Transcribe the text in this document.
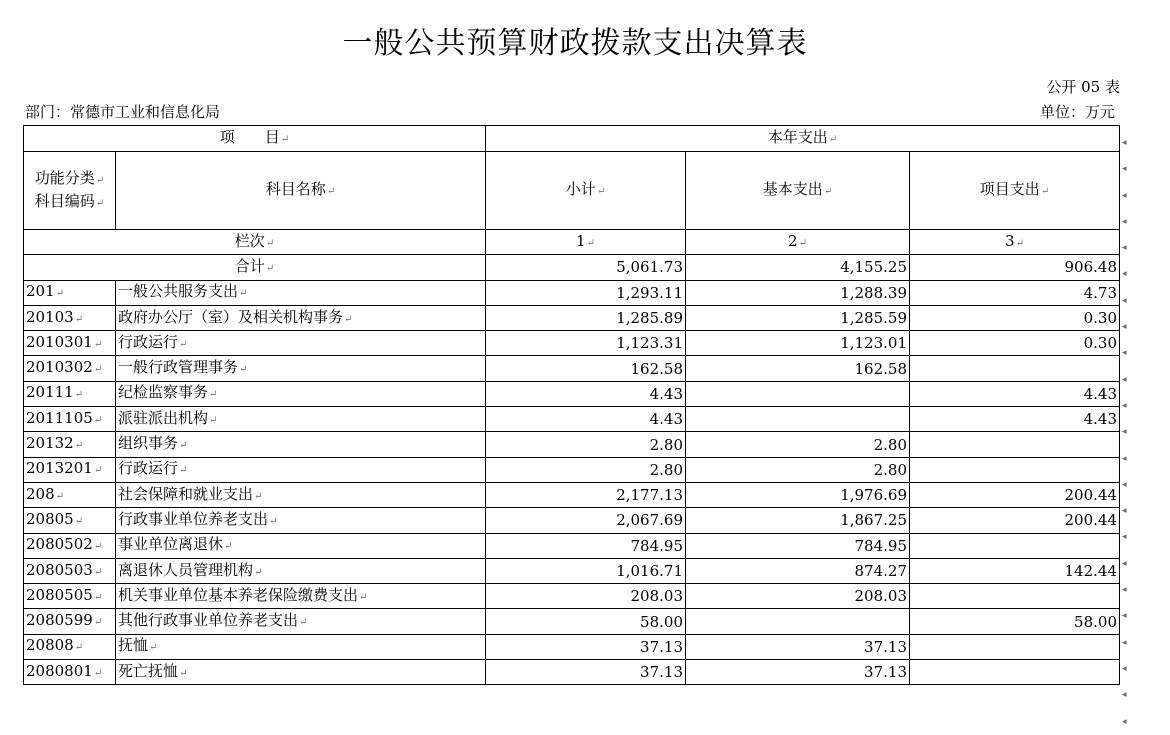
一般公共预算财政拨款支出决算表
公开 05 表
部门：常德市工业和信息化局	单位：万元
项　　目↵		本年支出↵		

功能分类↵
科目编码↵	科目名称↵	小计↵	基本支出↵	项目支出↵
栏次↵		1↵	2↵	3↵
合计↵		5,061.73	4,155.25	906.48
201↵	一般公共服务支出↵	1,293.11	1,288.39	4.73
20103↵	政府办公厅（室）及相关机构事务↵	1,285.89	1,285.59	0.30
2010301↵	行政运行↵	1,123.31	1,123.01	0.30
2010302↵	一般行政管理事务↵	162.58	162.58	
20111↵	纪检监察事务↵	4.43		4.43
2011105↵	派驻派出机构↵	4.43		4.43
20132↵	组织事务↵	2.80	2.80	
2013201↵	行政运行↵	2.80	2.80	
208↵	社会保障和就业支出↵	2,177.13	1,976.69	200.44
20805↵	行政事业单位养老支出↵	2,067.69	1,867.25	200.44
2080502↵	事业单位离退休↵	784.95	784.95	
2080503↵	离退休人员管理机构↵	1,016.71	874.27	142.44
2080505↵	机关事业单位基本养老保险缴费支出↵	208.03	208.03	
2080599↵	其他行政事业单位养老支出↵	58.00		58.00
20808↵	抚恤↵	37.13	37.13	
2080801↵	死亡抚恤↵	37.13	37.13	
◂
◂
◂
◂
◂
◂
◂
◂
◂
◂
◂
◂
◂
◂
◂
◂
◂
◂
◂
◂
◂
◂
◂
